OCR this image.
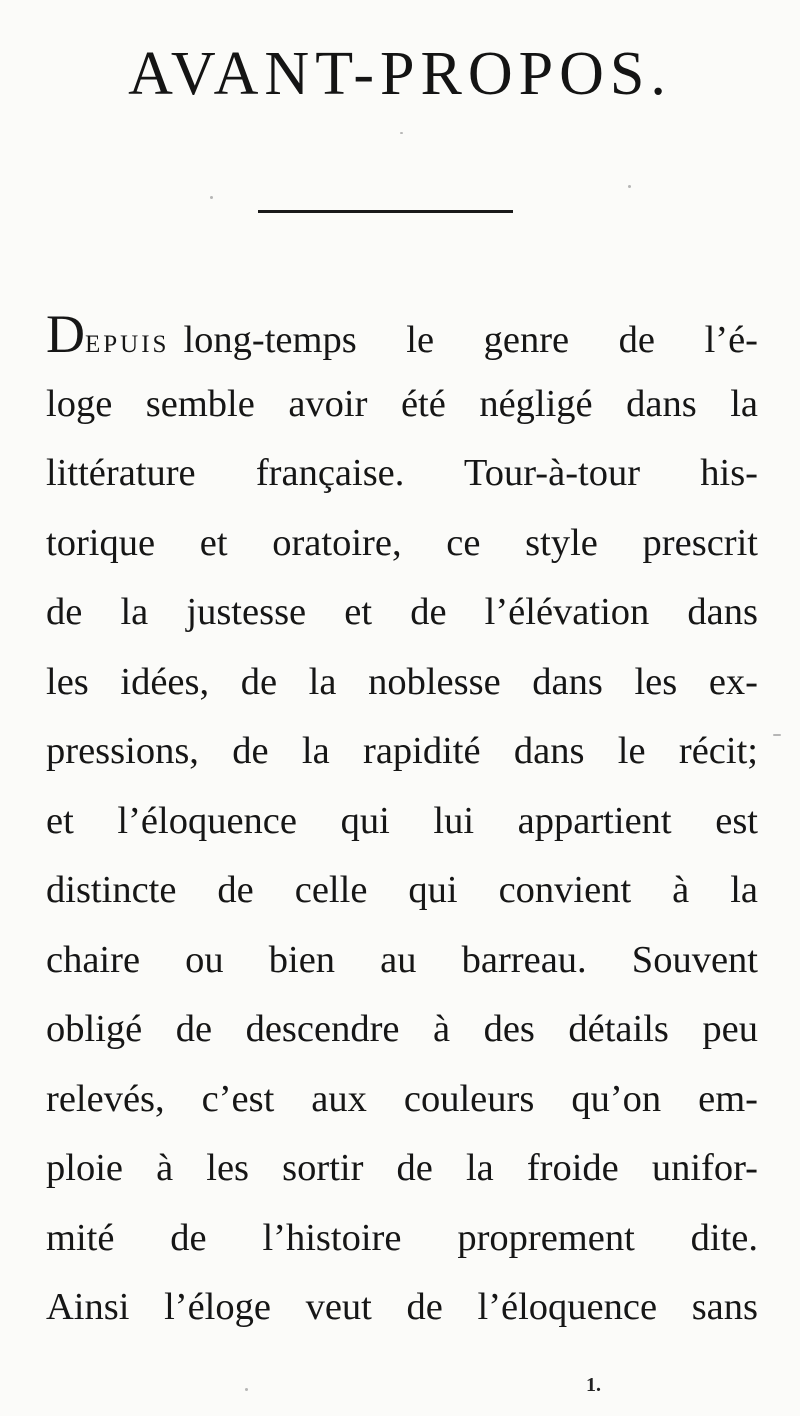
AVANT-PROPOS.
DEPUIS long-temps le genre de l’é-
loge semble avoir été négligé dans la
littérature française. Tour-à-tour his-
torique et oratoire, ce style prescrit
de la justesse et de l’élévation dans
les idées, de la noblesse dans les ex-
pressions, de la rapidité dans le récit;
et l’éloquence qui lui appartient est
distincte de celle qui convient à la
chaire ou bien au barreau. Souvent
obligé de descendre à des détails peu
relevés, c’est aux couleurs qu’on em-
ploie à les sortir de la froide unifor-
mité de l’histoire proprement dite.
Ainsi l’éloge veut de l’éloquence sans
1.
